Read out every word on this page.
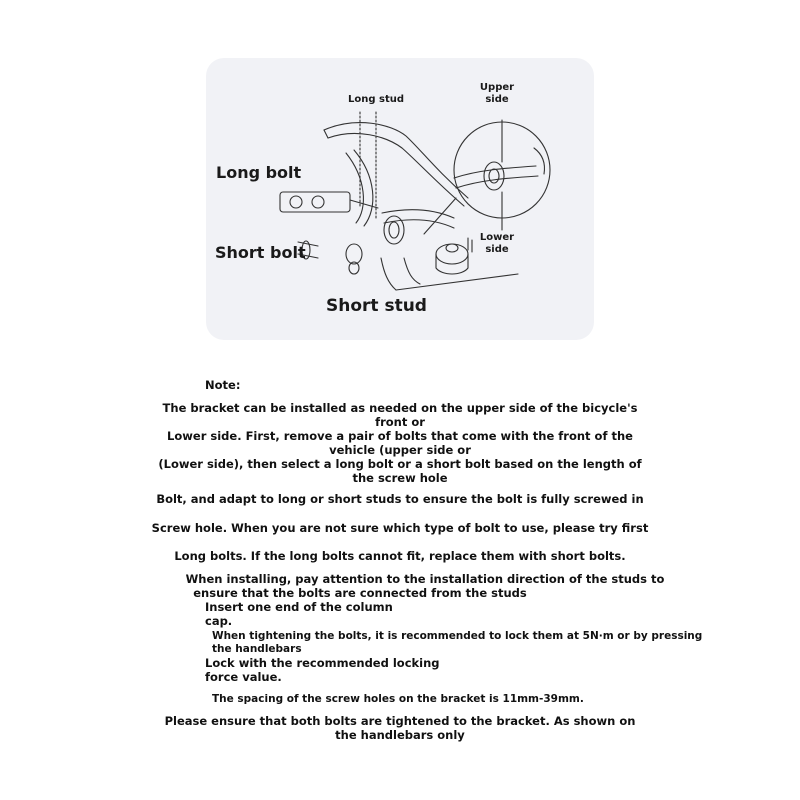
Long stud
Upper
side
Long bolt
Short bolt
Lower
side
Short stud
Note:
The bracket can be installed as needed on the upper side of the bicycle's
front or
Lower side. First, remove a pair of bolts that come with the front of the
vehicle (upper side or
(Lower side), then select a long bolt or a short bolt based on the length of
the screw hole
Bolt, and adapt to long or short studs to ensure the bolt is fully screwed in
Screw hole. When you are not sure which type of bolt to use, please try first
Long bolts. If the long bolts cannot fit, replace them with short bolts.
When installing, pay attention to the installation direction of the studs to
ensure that the bolts are connected from the studs
Insert one end of the column
cap.
When tightening the bolts, it is recommended to lock them at 5N·m or by pressing
the handlebars
Lock with the recommended locking
force value.
The spacing of the screw holes on the bracket is 11mm-39mm.
Please ensure that both bolts are tightened to the bracket. As shown on
the handlebars only
